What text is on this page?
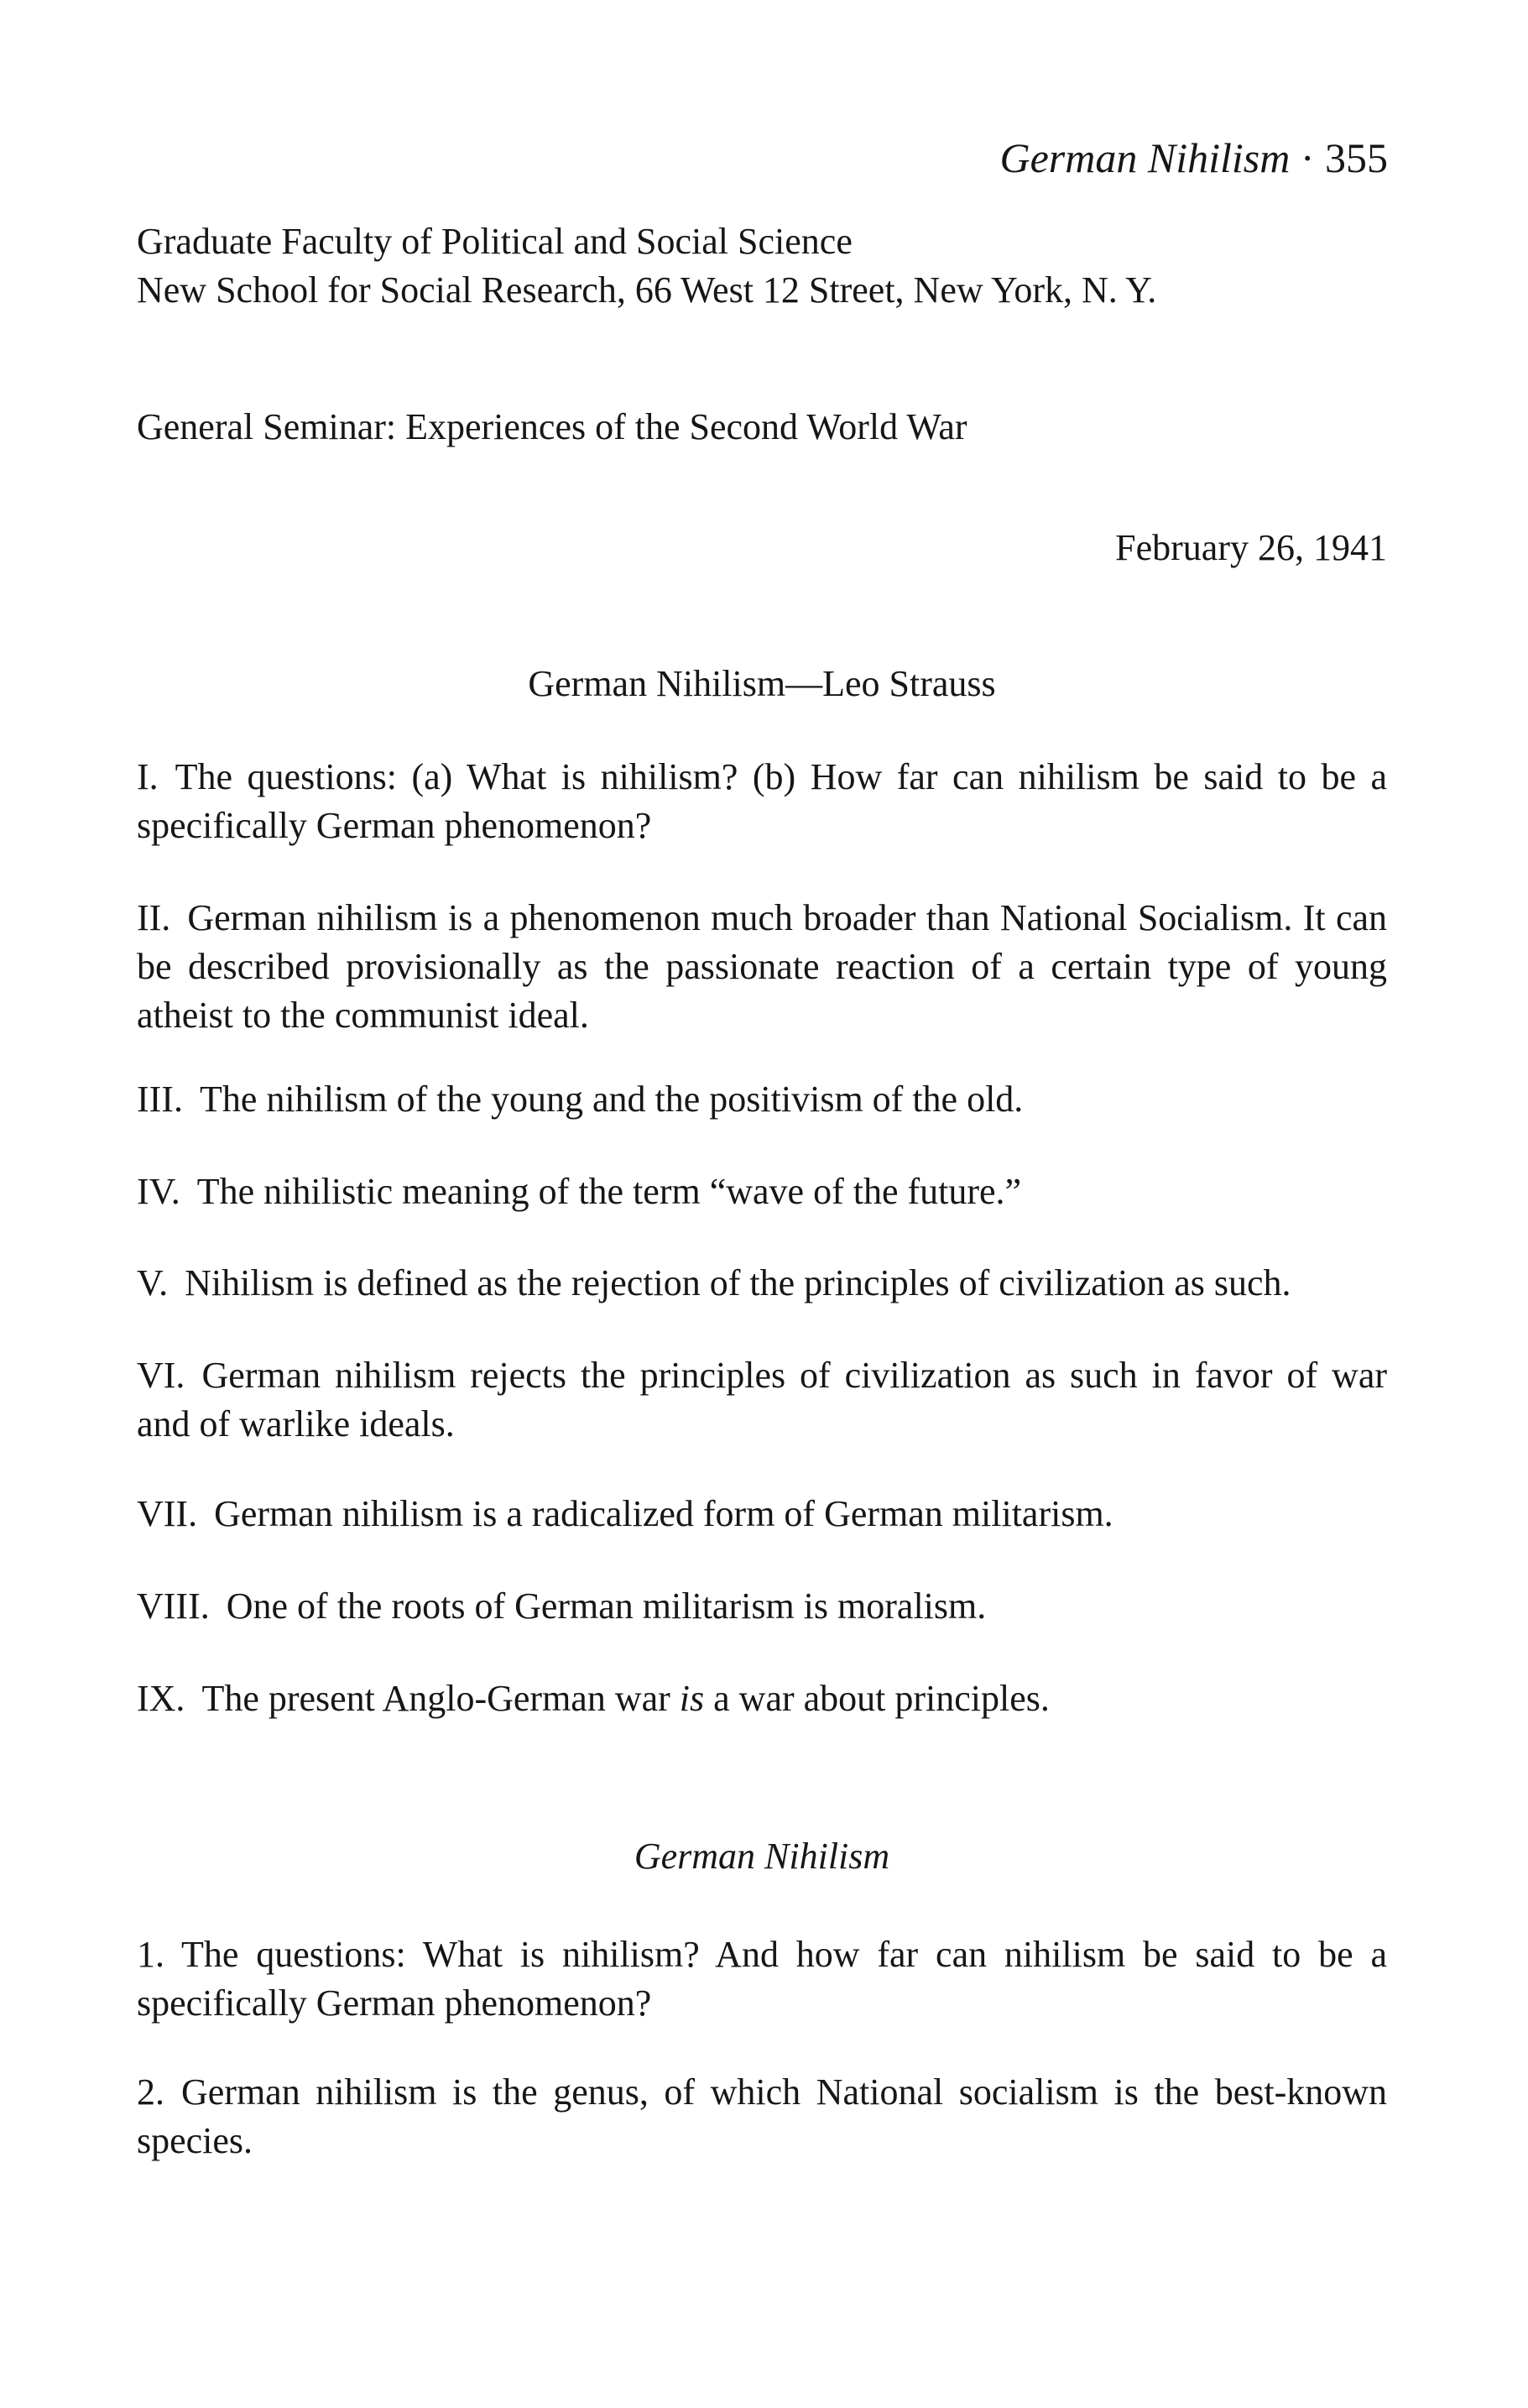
German Nihilism · 355
Graduate Faculty of Political and Social Science
New School for Social Research, 66 West 12 Street, New York, N. Y.

General Seminar: Experiences of the Second World War

February 26, 1941

German Nihilism—Leo Strauss

I. The questions: (a) What is nihilism? (b) How far can nihilism be said to be a specifically German phenomenon?

II. German nihilism is a phenomenon much broader than National Socialism. It can be described provisionally as the passionate reaction of a certain type of young atheist to the communist ideal.

III. The nihilism of the young and the positivism of the old.

IV. The nihilistic meaning of the term “wave of the future.”

V. Nihilism is defined as the rejection of the principles of civilization as such.

VI. German nihilism rejects the principles of civilization as such in favor of war and of warlike ideals.

VII. German nihilism is a radicalized form of German militarism.

VIII. One of the roots of German militarism is moralism.

IX. The present Anglo-German war is a war about principles.

German Nihilism

1. The questions: What is nihilism? And how far can nihilism be said to be a specifically German phenomenon?

2. German nihilism is the genus, of which National socialism is the best-known species.
